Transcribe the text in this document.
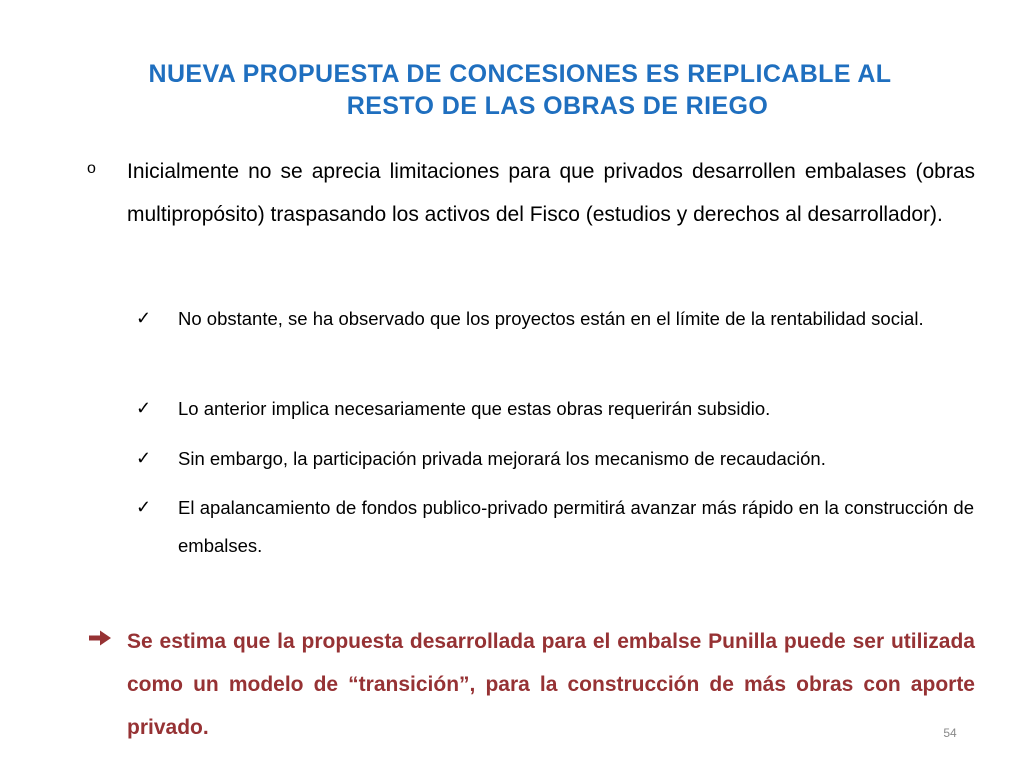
NUEVA PROPUESTA DE CONCESIONES ES REPLICABLE AL
RESTO DE LAS OBRAS DE RIEGO
o Inicialmente no se aprecia limitaciones para que privados desarrollen embalases (obras multipropósito) traspasando los activos del Fisco (estudios y derechos al desarrollador).
✓ No obstante, se ha observado que los proyectos están en el límite de la rentabilidad social.
✓ Lo anterior implica necesariamente que estas obras requerirán subsidio.
✓ Sin embargo, la participación privada mejorará los mecanismo de recaudación.
✓ El apalancamiento de fondos publico-privado permitirá avanzar más rápido en la construcción de embalses.
Se estima que la propuesta desarrollada para el embalse Punilla puede ser utilizada como un modelo de “transición”, para la construcción de más obras con aporte privado.	54
